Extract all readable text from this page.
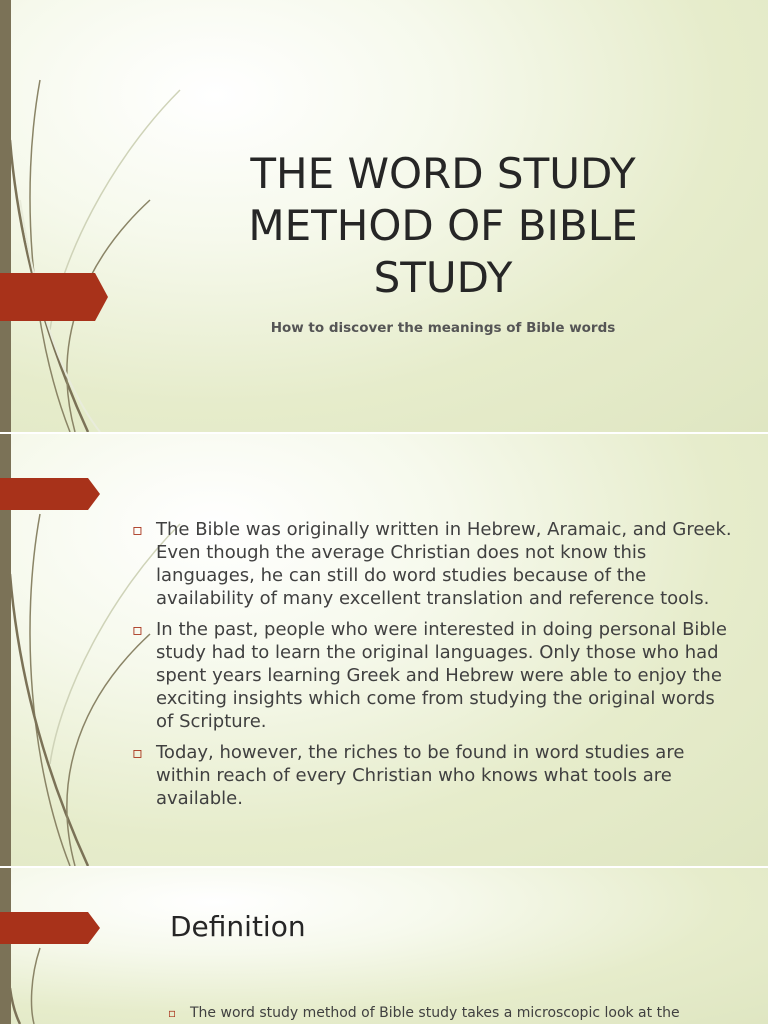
THE WORD STUDY METHOD OF BIBLE STUDY
How to discover the meanings of Bible words
▫ The Bible was originally written in Hebrew, Aramaic, and Greek. Even though the average Christian does not know this languages, he can still do word studies because of the availability of many excellent translation and reference tools.
▫ In the past, people who were interested in doing personal Bible study had to learn the original languages. Only those who had spent years learning Greek and Hebrew were able to enjoy the exciting insights which come from studying the original words of Scripture.
▫ Today, however, the riches to be found in word studies are within reach of every Christian who knows what tools are available.
Definition
▫ The word study method of Bible study takes a microscopic look at the
